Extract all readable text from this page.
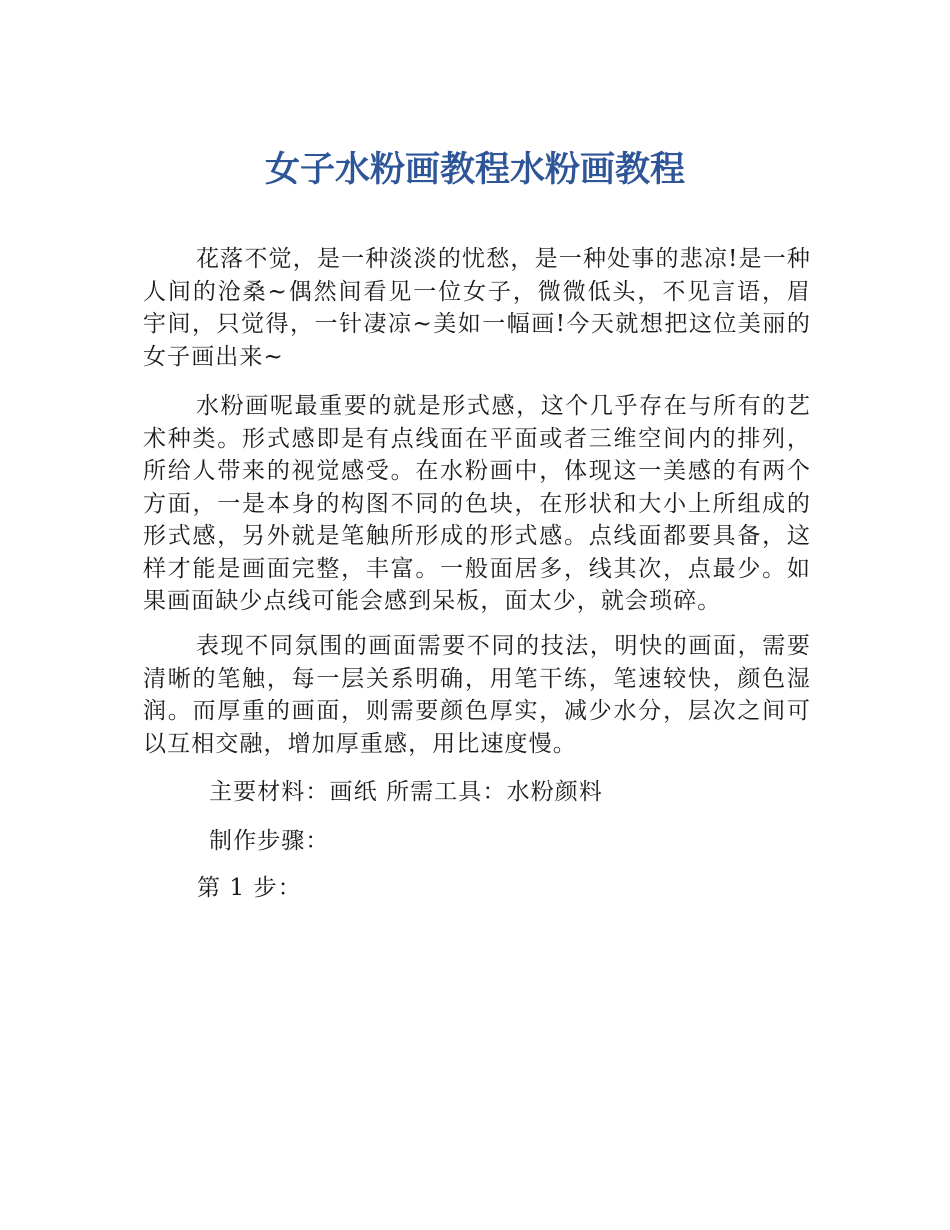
女子水粉画教程水粉画教程

花落不觉，是一种淡淡的忧愁，是一种处事的悲凉!是一种人间的沧桑~偶然间看见一位女子，微微低头，不见言语，眉宇间，只觉得，一针凄凉~美如一幅画!今天就想把这位美丽的女子画出来~

水粉画呢最重要的就是形式感，这个几乎存在与所有的艺术种类。形式感即是有点线面在平面或者三维空间内的排列，所给人带来的视觉感受。在水粉画中，体现这一美感的有两个方面，一是本身的构图不同的色块，在形状和大小上所组成的形式感，另外就是笔触所形成的形式感。点线面都要具备，这样才能是画面完整，丰富。一般面居多，线其次，点最少。如果画面缺少点线可能会感到呆板，面太少，就会琐碎。

表现不同氛围的画面需要不同的技法，明快的画面，需要清晰的笔触，每一层关系明确，用笔干练，笔速较快，颜色湿润。而厚重的画面，则需要颜色厚实，减少水分，层次之间可以互相交融，增加厚重感，用比速度慢。

主要材料：画纸 所需工具：水粉颜料

制作步骤：

第 1 步：
